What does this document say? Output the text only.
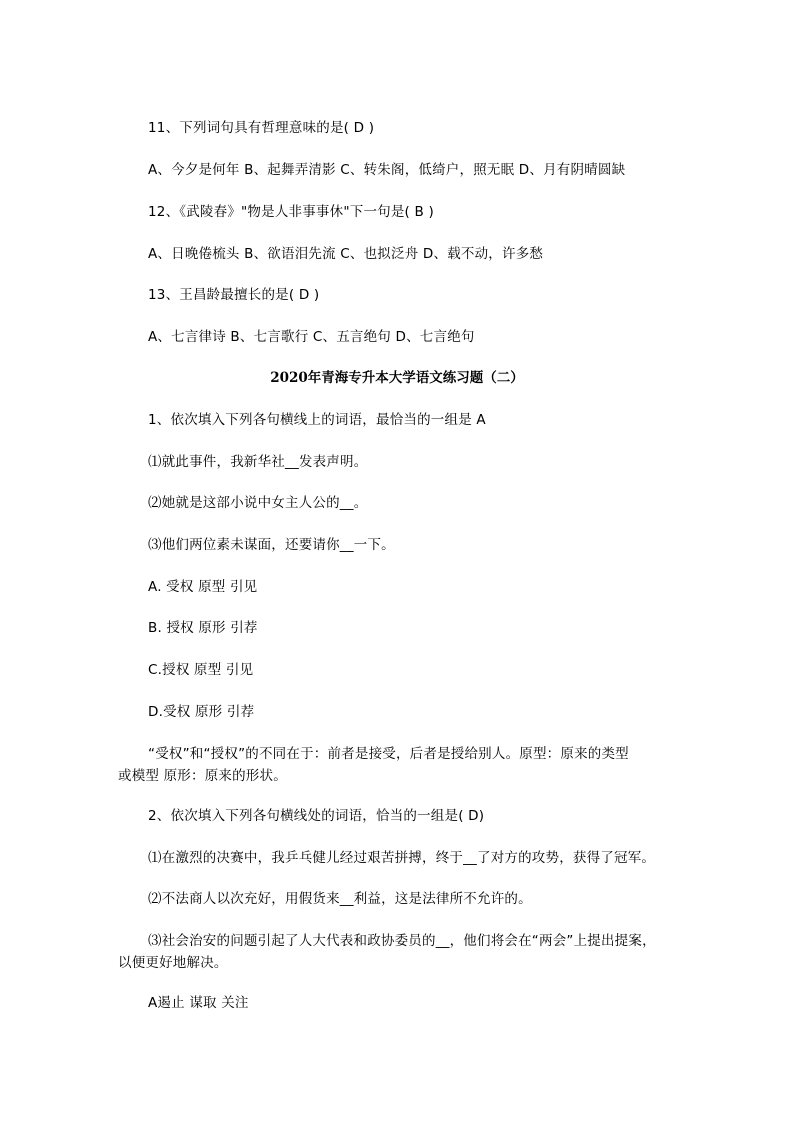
11、下列词句具有哲理意味的是( D )
A、今夕是何年 B、起舞弄清影 C、转朱阁，低绮户，照无眠 D、月有阴晴圆缺
12、《武陵春》"物是人非事事休"下一句是( B )
A、日晚倦梳头 B、欲语泪先流 C、也拟泛舟 D、载不动，许多愁
13、王昌龄最擅长的是( D )
A、七言律诗 B、七言歌行 C、五言绝句 D、七言绝句
2020年青海专升本大学语文练习题（二）
1、依次填入下列各句横线上的词语，最恰当的一组是 A
⑴就此事件，我新华社__发表声明。
⑵她就是这部小说中女主人公的__。
⑶他们两位素未谋面，还要请你__一下。
A. 受权 原型 引见
B. 授权 原形 引荐
C.授权 原型 引见
D.受权 原形 引荐
“受权”和“授权”的不同在于：前者是接受，后者是授给别人。原型：原来的类型
或模型 原形：原来的形状。
2、依次填入下列各句横线处的词语，恰当的一组是( D)
⑴在激烈的决赛中，我乒乓健儿经过艰苦拼搏，终于__了对方的攻势，获得了冠军。
⑵不法商人以次充好，用假货来__利益，这是法律所不允许的。
⑶社会治安的问题引起了人大代表和政协委员的__，他们将会在“两会”上提出提案，
以便更好地解决。
A遏止 谋取 关注
